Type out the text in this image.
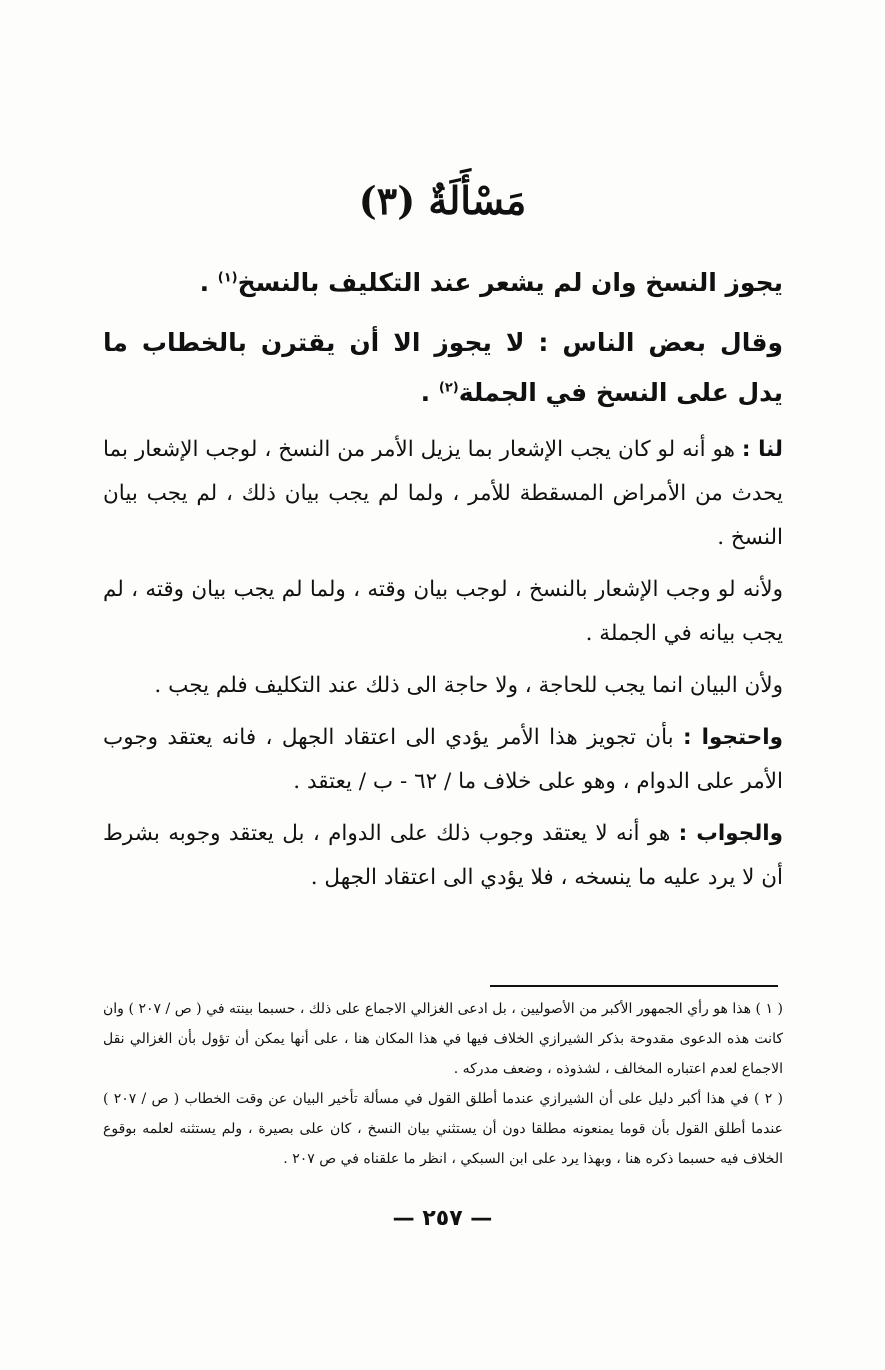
مَسْأَلَةٌ (٣)

يجوز النسخ وان لم يشعر عند التكليف بالنسخ$^{(١)}$ .

وقال بعض الناس : لا يجوز الا أن يقترن بالخطاب ما يدل على النسخ في الجملة$^{(٢)}$ .

لنا : هو أنه لو كان يجب الإشعار بما يزيل الأمر من النسخ ، لوجب الإشعار بما يحدث من الأمراض المسقطة للأمر ، ولما لم يجب بيان ذلك ، لم يجب بيان النسخ .

ولأنه لو وجب الإشعار بالنسخ ، لوجب بيان وقته ، ولما لم يجب بيان وقته ، لم يجب بيانه في الجملة .

ولأن البيان انما يجب للحاجة ، ولا حاجة الى ذلك عند التكليف فلم يجب .

واحتجوا : بأن تجويز هذا الأمر يؤدي الى اعتقاد الجهل ، فانه يعتقد وجوب الأمر على الدوام ، وهو على خلاف ما / ٦٢ - ب / يعتقد .

والجواب : هو أنه لا يعتقد وجوب ذلك على الدوام ، بل يعتقد وجوبه بشرط أن لا يرد عليه ما ينسخه ، فلا يؤدي الى اعتقاد الجهل .

( ١ ) هذا هو رأي الجمهور الأكبر من الأصوليين ، بل ادعى الغزالي الاجماع على ذلك ، حسبما بينته في ( ص / ٢٠٧ ) وان كانت هذه الدعوى مقدوحة بذكر الشيرازي الخلاف فيها في هذا المكان هنا ، على أنها يمكن أن تؤول بأن الغزالي نقل الاجماع لعدم اعتباره المخالف ، لشذوذه ، وضعف مدركه .

( ٢ ) في هذا أكبر دليل على أن الشيرازي عندما أطلق القول في مسألة تأخير البيان عن وقت الخطاب ( ص / ٢٠٧ ) عندما أطلق القول بأن قوما يمنعونه مطلقا دون أن يستثني بيان النسخ ، كان على بصيرة ، ولم يستثنه لعلمه بوقوع الخلاف فيه حسبما ذكره هنا ، وبهذا يرد على ابن السبكي ، انظر ما علقناه في ص ٢٠٧ .

— ٢٥٧ —
